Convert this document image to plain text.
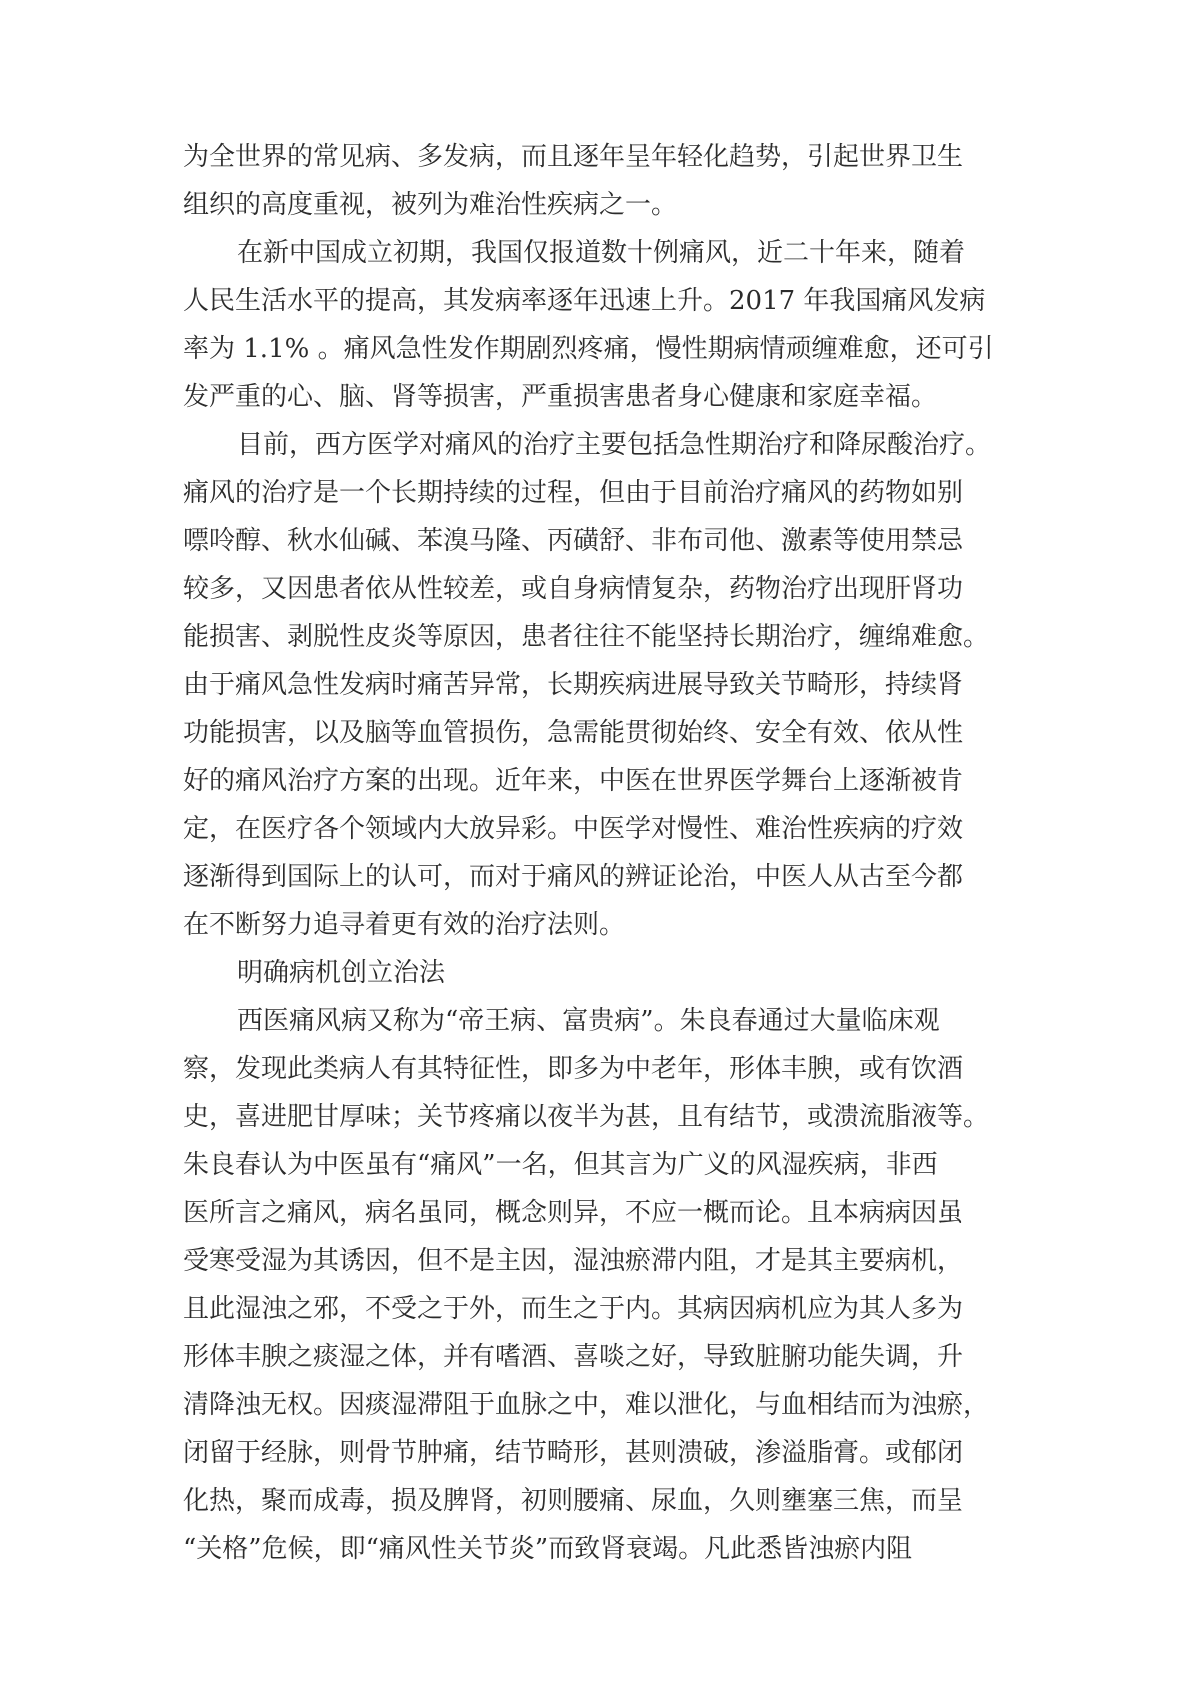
为全世界的常见病、多发病，而且逐年呈年轻化趋势，引起世界卫生
组织的高度重视，被列为难治性疾病之一。
在新中国成立初期，我国仅报道数十例痛风，近二十年来，随着
人民生活水平的提高，其发病率逐年迅速上升。2017 年我国痛风发病
率为 1.1% 。痛风急性发作期剧烈疼痛，慢性期病情顽缠难愈，还可引
发严重的心、脑、肾等损害，严重损害患者身心健康和家庭幸福。
目前，西方医学对痛风的治疗主要包括急性期治疗和降尿酸治疗。
痛风的治疗是一个长期持续的过程，但由于目前治疗痛风的药物如别
嘌呤醇、秋水仙碱、苯溴马隆、丙磺舒、非布司他、激素等使用禁忌
较多，又因患者依从性较差，或自身病情复杂，药物治疗出现肝肾功
能损害、剥脱性皮炎等原因，患者往往不能坚持长期治疗，缠绵难愈。
由于痛风急性发病时痛苦异常，长期疾病进展导致关节畸形，持续肾
功能损害，以及脑等血管损伤，急需能贯彻始终、安全有效、依从性
好的痛风治疗方案的出现。近年来，中医在世界医学舞台上逐渐被肯
定，在医疗各个领域内大放异彩。中医学对慢性、难治性疾病的疗效
逐渐得到国际上的认可，而对于痛风的辨证论治，中医人从古至今都
在不断努力追寻着更有效的治疗法则。
明确病机创立治法
西医痛风病又称为“帝王病、富贵病”。朱良春通过大量临床观
察，发现此类病人有其特征性，即多为中老年，形体丰腴，或有饮酒
史，喜进肥甘厚味；关节疼痛以夜半为甚，且有结节，或溃流脂液等。
朱良春认为中医虽有“痛风”一名，但其言为广义的风湿疾病，非西
医所言之痛风，病名虽同，概念则异，不应一概而论。且本病病因虽
受寒受湿为其诱因，但不是主因，湿浊瘀滞内阻，才是其主要病机，
且此湿浊之邪，不受之于外，而生之于内。其病因病机应为其人多为
形体丰腴之痰湿之体，并有嗜酒、喜啖之好，导致脏腑功能失调，升
清降浊无权。因痰湿滞阻于血脉之中，难以泄化，与血相结而为浊瘀，
闭留于经脉，则骨节肿痛，结节畸形，甚则溃破，渗溢脂膏。或郁闭
化热，聚而成毒，损及脾肾，初则腰痛、尿血，久则壅塞三焦，而呈
“关格”危候，即“痛风性关节炎”而致肾衰竭。凡此悉皆浊瘀内阻
